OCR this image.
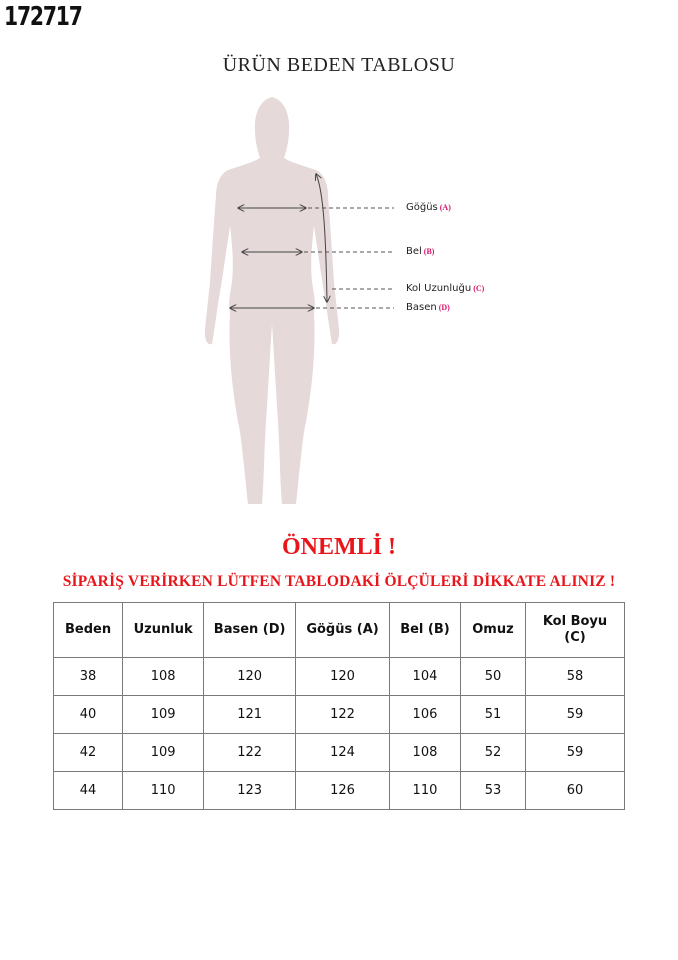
172717
ÜRÜN BEDEN TABLOSU
Göğüs (A)
Bel (B)
Kol Uzunluğu (C)
Basen (D)
ÖNEMLİ !
SİPARİŞ VERİRKEN LÜTFEN TABLODAKİ ÖLÇÜLERİ DİKKATE ALINIZ !
Beden	Uzunluk	Basen (D)	Göğüs (A)	Bel (B)	Omuz	Kol Boyu (C)
38	108	120	120	104	50	58
40	109	121	122	106	51	59
42	109	122	124	108	52	59
44	110	123	126	110	53	60
